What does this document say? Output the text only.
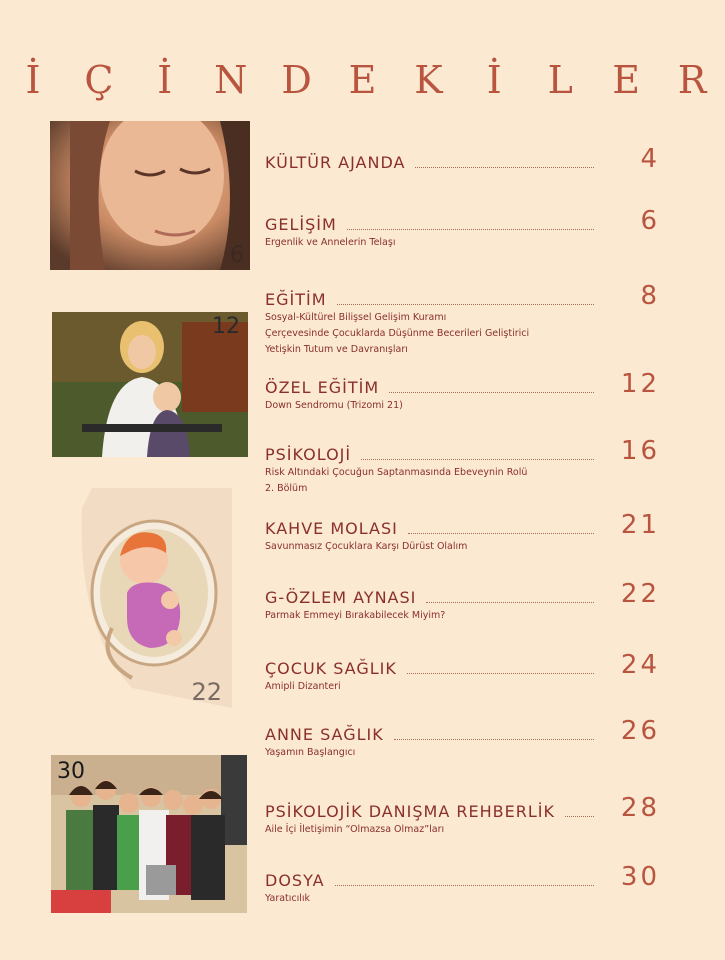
İ	Ç	İ	N D E K	İ	L	E R
6
12
22
30
KÜLTÜR AJANDA	4
GELİŞİM	6
Ergenlik ve Annelerin Telaşı
EĞİTİM	8
Sosyal-Kültürel Bilişsel Gelişim Kuramı
Çerçevesinde Çocuklarda Düşünme Becerileri Geliştirici
Yetişkin Tutum ve Davranışları
ÖZEL EĞİTİM	12
Down Sendromu (Trizomi 21)
PSİKOLOJİ	16
Risk Altındaki Çocuğun Saptanmasında Ebeveynin Rolü
2. Bölüm
KAHVE MOLASI	21
Savunmasız Çocuklara Karşı Dürüst Olalım
G-ÖZLEM AYNASI	22
Parmak Emmeyi Bırakabilecek Miyim?
ÇOCUK SAĞLIK	24
Amipli Dizanteri
ANNE SAĞLIK	26
Yaşamın Başlangıcı
PSİKOLOJİK DANIŞMA REHBERLİK	28
Aile İçi İletişimin “Olmazsa Olmaz”ları
DOSYA	30
Yaratıcılık
